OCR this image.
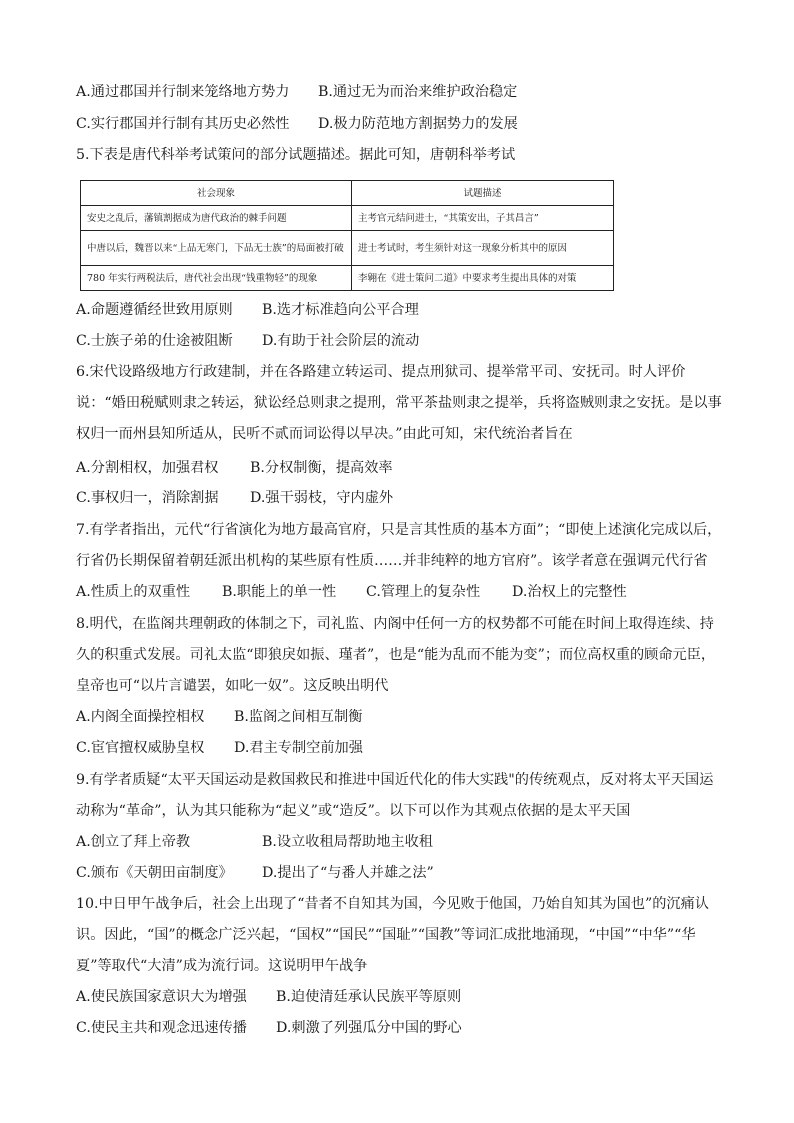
A.通过郡国并行制来笼络地方势力 B.通过无为而治来维护政治稳定
C.实行郡国并行制有其历史必然性 D.极力防范地方割据势力的发展
5.下表是唐代科举考试策问的部分试题描述。据此可知，唐朝科举考试
社会现象	试题描述
安史之乱后，藩镇割据成为唐代政治的棘手问题	主考官元结问进士，“其策安出，子其昌言”
中唐以后，魏晋以来“上品无寒门，下品无士族”的局面被打破	进士考试时，考生须针对这一现象分析其中的原因
780 年实行两税法后，唐代社会出现“钱重物轻”的现象	李翱在《进士策问二道》中要求考生提出具体的对策
A.命题遵循经世致用原则 B.选才标准趋向公平合理
C.士族子弟的仕途被阻断 D.有助于社会阶层的流动
6.宋代设路级地方行政建制，并在各路建立转运司、提点刑狱司、提举常平司、安抚司。时人评价说：“婚田税赋则隶之转运，狱讼经总则隶之提刑，常平茶盐则隶之提举，兵将盗贼则隶之安抚。是以事权归一而州县知所适从，民听不贰而词讼得以早决。”由此可知，宋代统治者旨在
A.分割相权，加强君权 B.分权制衡，提高效率
C.事权归一，消除割据 D.强干弱枝，守内虚外
7.有学者指出，元代“行省演化为地方最高官府，只是言其性质的基本方面”；“即使上述演化完成以后，行省仍长期保留着朝廷派出机构的某些原有性质……并非纯粹的地方官府”。该学者意在强调元代行省
A.性质上的双重性 B.职能上的单一性 C.管理上的复杂性 D.治权上的完整性
8.明代，在监阁共理朝政的体制之下，司礼监、内阁中任何一方的权势都不可能在时间上取得连续、持久的积重式发展。司礼太监“即狼戾如振、瑾者”，也是“能为乱而不能为变”；而位高权重的顾命元臣，皇帝也可“以片言谴罢，如叱一奴”。这反映出明代
A.内阁全面操控相权 B.监阁之间相互制衡
C.宦官擅权威胁皇权 D.君主专制空前加强
9.有学者质疑“太平天国运动是救国救民和推进中国近代化的伟大实践"的传统观点，反对将太平天国运动称为“革命”，认为其只能称为“起义”或“造反”。以下可以作为其观点依据的是太平天国
A.创立了拜上帝教	B.设立收租局帮助地主收租
C.颁布《天朝田亩制度》 D.提出了“与番人并雄之法”
10.中日甲午战争后，社会上出现了“昔者不自知其为国，今见败于他国，乃始自知其为国也”的沉痛认识。因此，“国”的概念广泛兴起，“国权”“国民”“国耻”“国教”等词汇成批地涌现，“中国”“中华”“华夏”等取代“大清”成为流行词。这说明甲午战争
A.使民族国家意识大为增强 B.迫使清廷承认民族平等原则
C.使民主共和观念迅速传播 D.刺激了列强瓜分中国的野心
